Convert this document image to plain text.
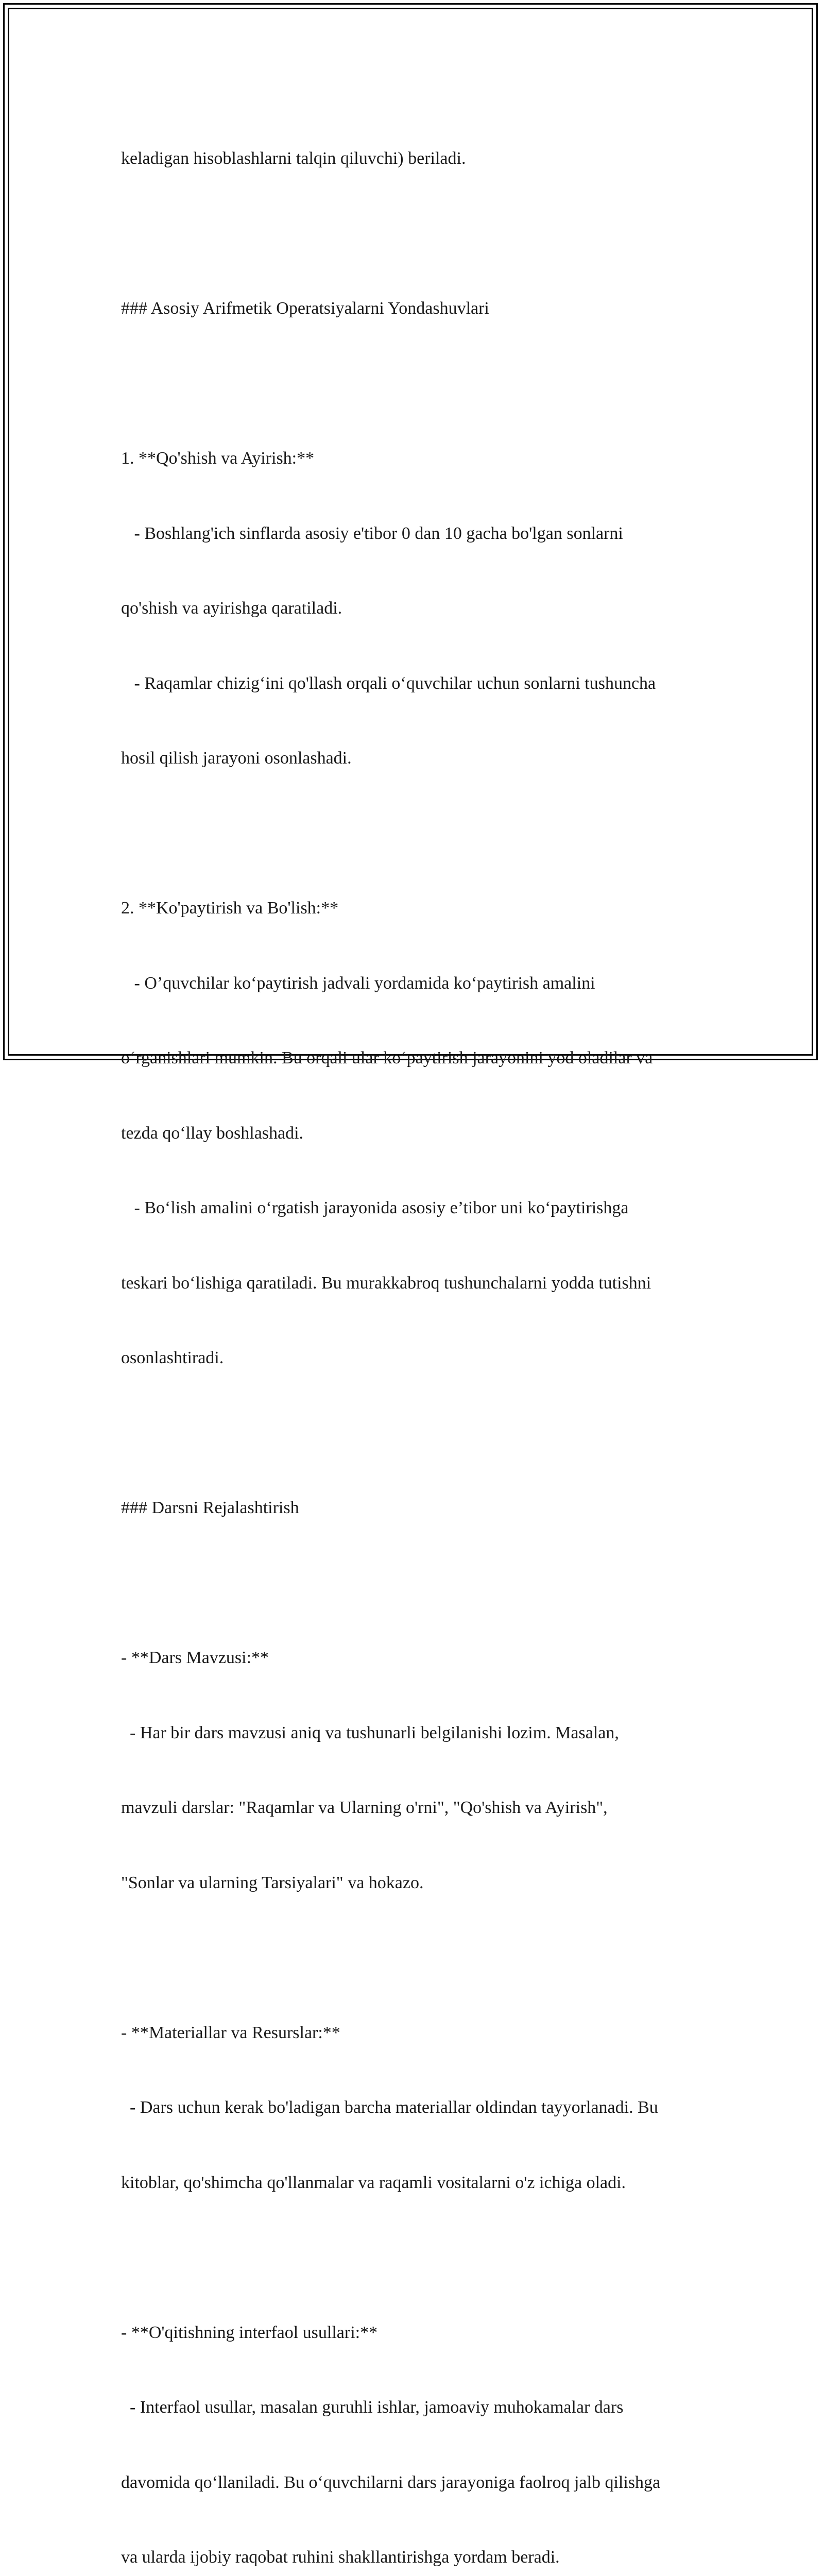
keladigan hisoblashlarni talqin qiluvchi) beriladi.

### Asosiy Arifmetik Operatsiyalarni Yondashuvlari

1. **Qo'shish va Ayirish:**

- Boshlang'ich sinflarda asosiy e'tibor 0 dan 10 gacha bo'lgan sonlarni

qo'shish va ayirishga qaratiladi.

- Raqamlar chizig‘ini qo'llash orqali o‘quvchilar uchun sonlarni tushuncha

hosil qilish jarayoni osonlashadi.

2. **Ko'paytirish va Bo'lish:**

- O’quvchilar ko‘paytirish jadvali yordamida ko‘paytirish amalini

o‘rganishlari mumkin. Bu orqali ular ko‘paytirish jarayonini yod oladilar va

tezda qo‘llay boshlashadi.

- Bo‘lish amalini o‘rgatish jarayonida asosiy e’tibor uni ko‘paytirishga

teskari bo‘lishiga qaratiladi. Bu murakkabroq tushunchalarni yodda tutishni

osonlashtiradi.

### Darsni Rejalashtirish

- **Dars Mavzusi:**

- Har bir dars mavzusi aniq va tushunarli belgilanishi lozim. Masalan,

mavzuli darslar: "Raqamlar va Ularning o'rni", "Qo'shish va Ayirish",

"Sonlar va ularning Tarsiyalari" va hokazo.

- **Materiallar va Resurslar:**

- Dars uchun kerak bo'ladigan barcha materiallar oldindan tayyorlanadi. Bu

kitoblar, qo'shimcha qo'llanmalar va raqamli vositalarni o'z ichiga oladi.

- **O'qitishning interfaol usullari:**

- Interfaol usullar, masalan guruhli ishlar, jamoaviy muhokamalar dars

davomida qo‘llaniladi. Bu o‘quvchilarni dars jarayoniga faolroq jalb qilishga

va ularda ijobiy raqobat ruhini shakllantirishga yordam beradi.
